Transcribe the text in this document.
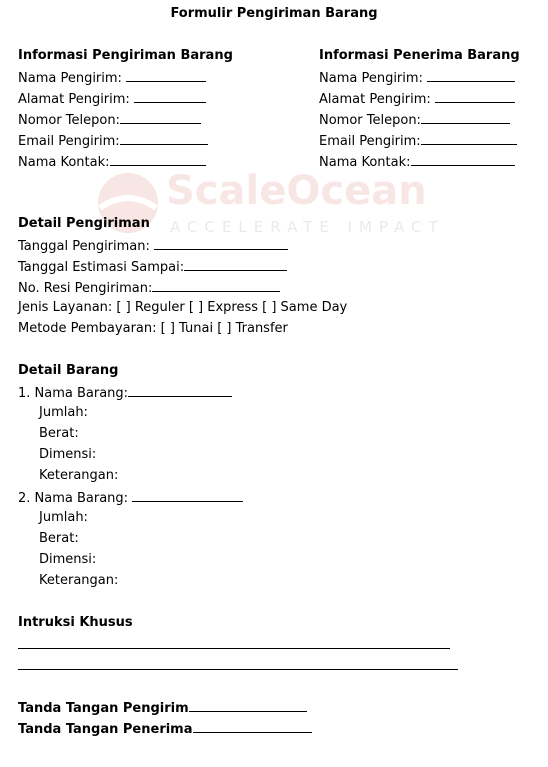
Formulir Pengiriman Barang
ScaleOcean
ACCELERATE IMPACT
Informasi Pengiriman Barang
Nama Pengirim:
Alamat Pengirim:
Nomor Telepon:
Email Pengirim:
Nama Kontak:
Informasi Penerima Barang
Nama Pengirim:
Alamat Pengirim:
Nomor Telepon:
Email Pengirim:
Nama Kontak:
Detail Pengiriman
Tanggal Pengiriman:
Tanggal Estimasi Sampai:
No. Resi Pengiriman:
Jenis Layanan: [ ] Reguler [ ] Express [ ] Same Day
Metode Pembayaran: [ ] Tunai [ ] Transfer
Detail Barang
1. Nama Barang:
Jumlah:
Berat:
Dimensi:
Keterangan:
2. Nama Barang:
Jumlah:
Berat:
Dimensi:
Keterangan:
Intruksi Khusus
Tanda Tangan Pengirim
Tanda Tangan Penerima
